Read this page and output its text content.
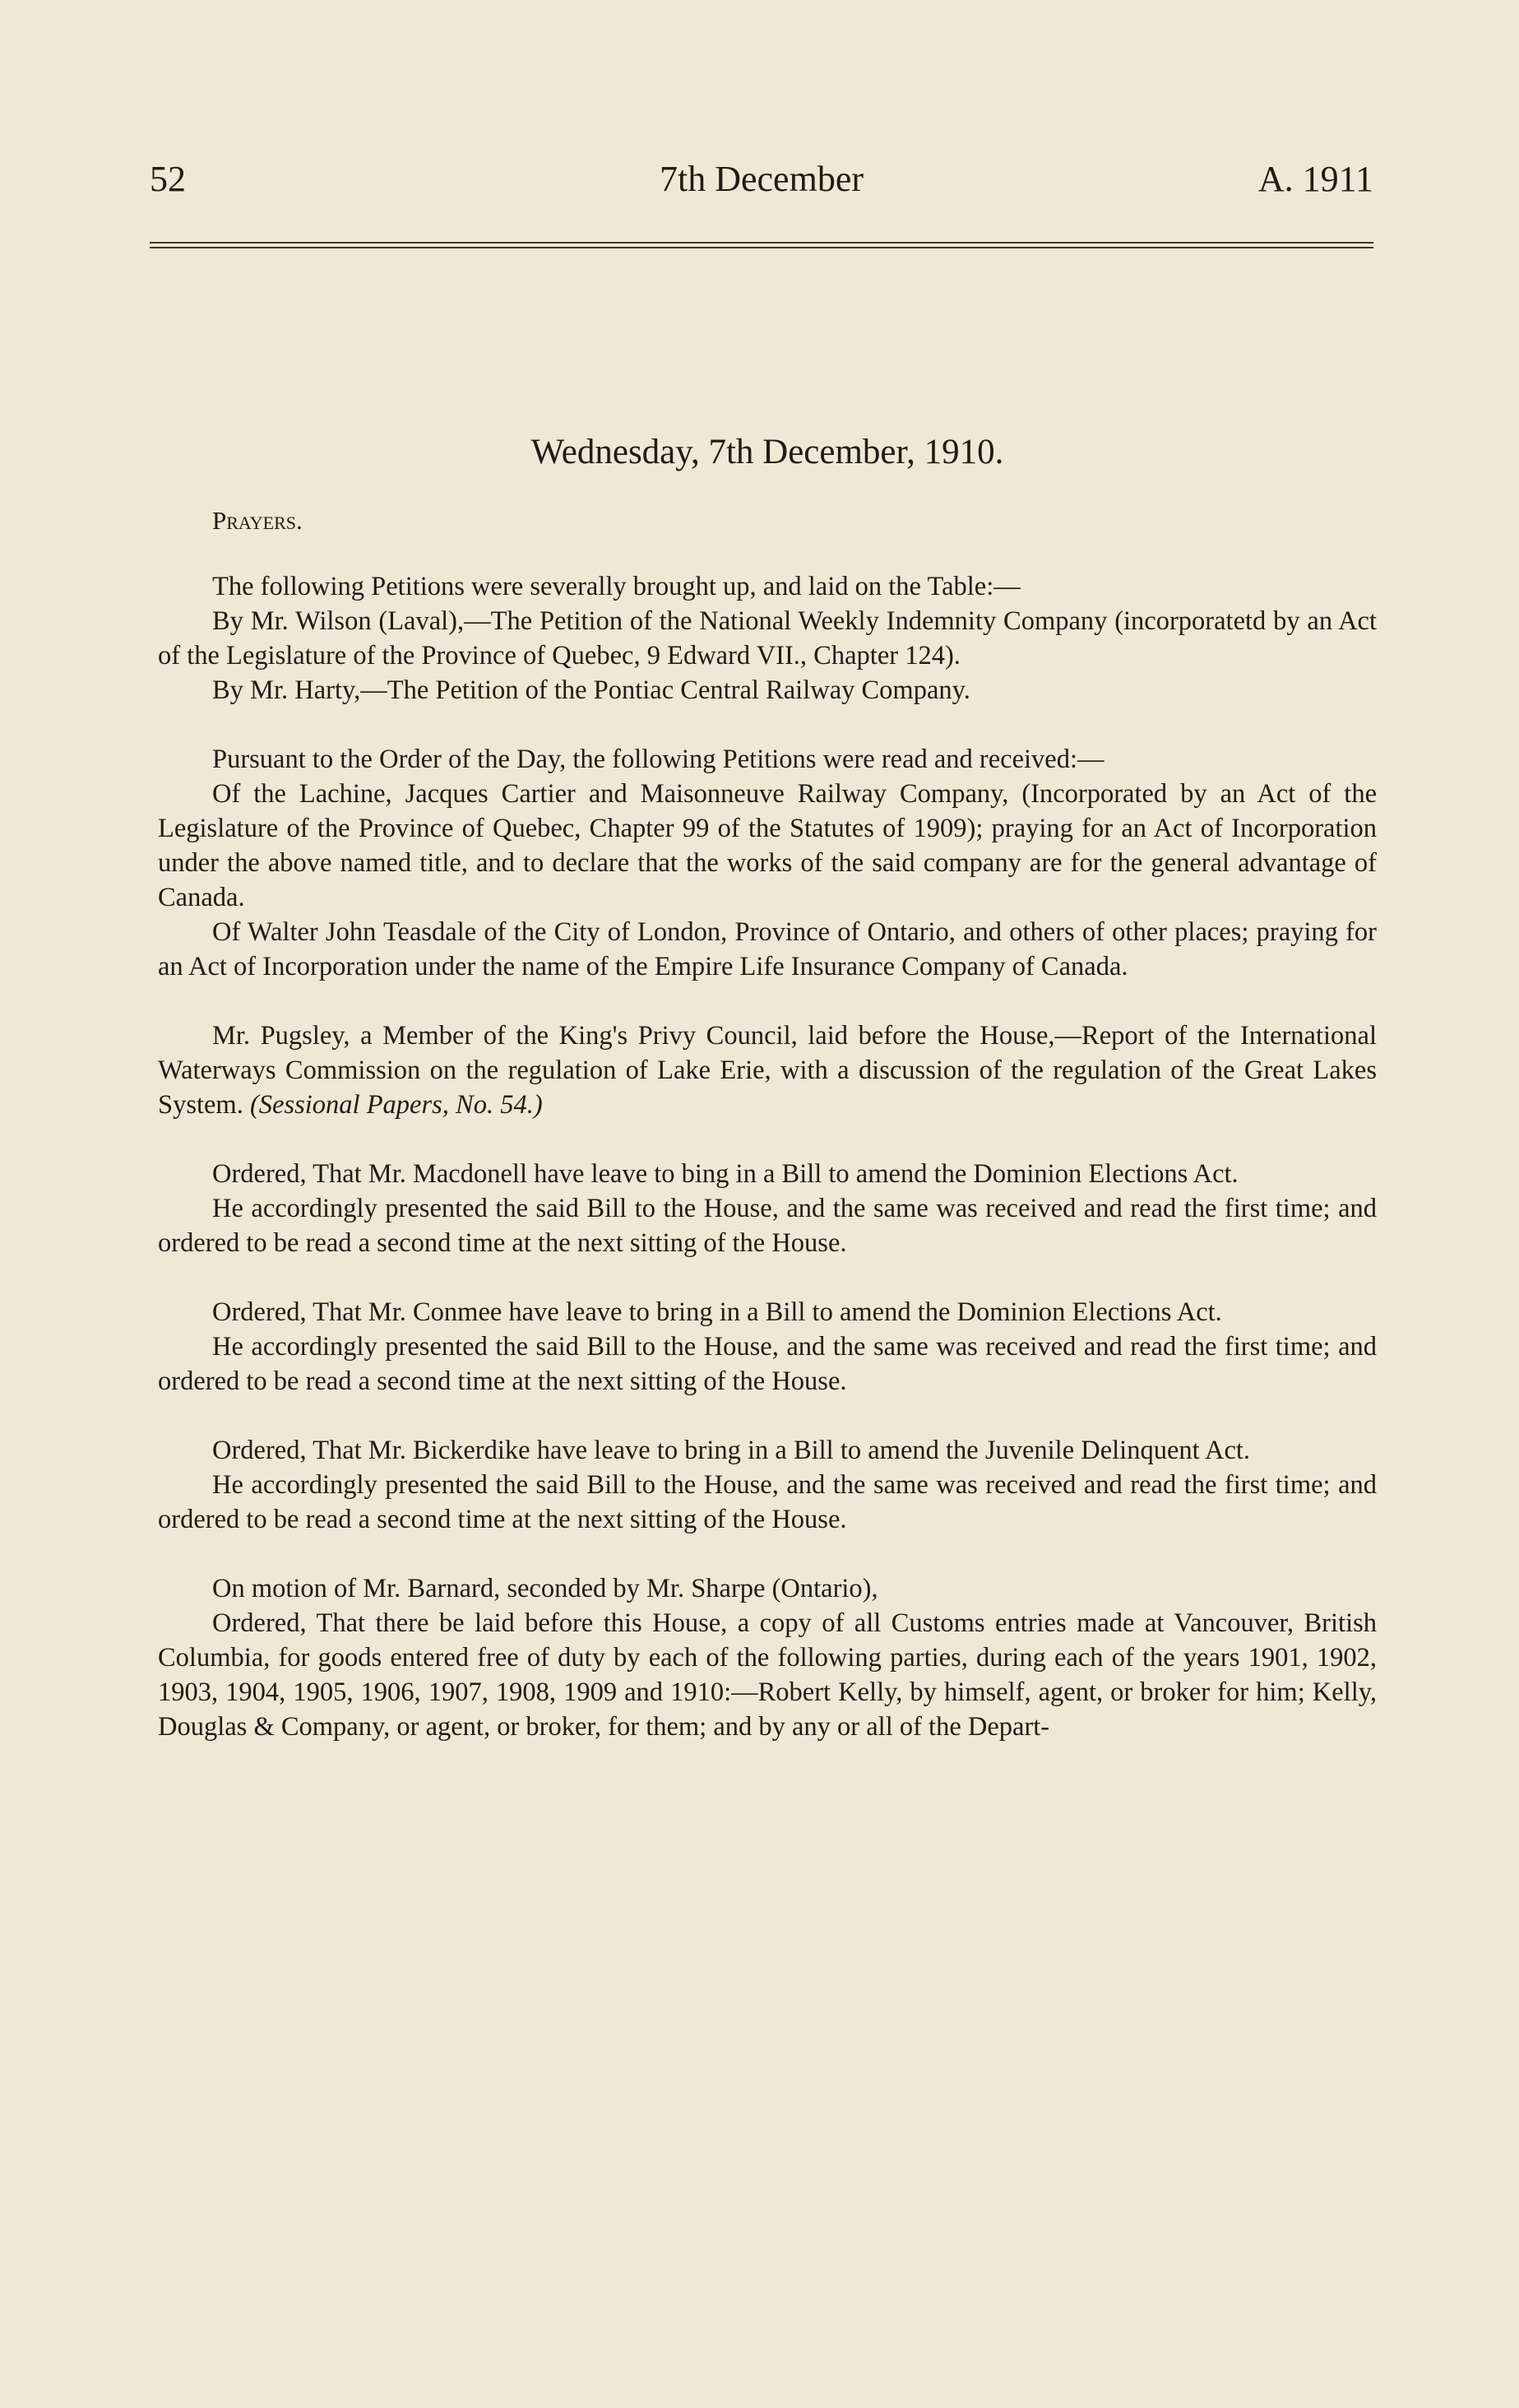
52	7th December	A. 1911

Wednesday, 7th December, 1910.

Prayers.

The following Petitions were severally brought up, and laid on the Table:—

By Mr. Wilson (Laval),—The Petition of the National Weekly Indemnity Company (incorporatetd by an Act of the Legislature of the Province of Quebec, 9 Edward VII., Chapter 124).

By Mr. Harty,—The Petition of the Pontiac Central Railway Company.

Pursuant to the Order of the Day, the following Petitions were read and received:—

Of the Lachine, Jacques Cartier and Maisonneuve Railway Company, (Incorporated by an Act of the Legislature of the Province of Quebec, Chapter 99 of the Statutes of 1909); praying for an Act of Incorporation under the above named title, and to declare that the works of the said company are for the general advantage of Canada.

Of Walter John Teasdale of the City of London, Province of Ontario, and others of other places; praying for an Act of Incorporation under the name of the Empire Life Insurance Company of Canada.

Mr. Pugsley, a Member of the King's Privy Council, laid before the House,—Report of the International Waterways Commission on the regulation of Lake Erie, with a discussion of the regulation of the Great Lakes System. (Sessional Papers, No. 54.)

Ordered, That Mr. Macdonell have leave to bing in a Bill to amend the Dominion Elections Act.

He accordingly presented the said Bill to the House, and the same was received and read the first time; and ordered to be read a second time at the next sitting of the House.

Ordered, That Mr. Conmee have leave to bring in a Bill to amend the Dominion Elections Act.

He accordingly presented the said Bill to the House, and the same was received and read the first time; and ordered to be read a second time at the next sitting of the House.

Ordered, That Mr. Bickerdike have leave to bring in a Bill to amend the Juvenile Delinquent Act.

He accordingly presented the said Bill to the House, and the same was received and read the first time; and ordered to be read a second time at the next sitting of the House.

On motion of Mr. Barnard, seconded by Mr. Sharpe (Ontario),

Ordered, That there be laid before this House, a copy of all Customs entries made at Vancouver, British Columbia, for goods entered free of duty by each of the following parties, during each of the years 1901, 1902, 1903, 1904, 1905, 1906, 1907, 1908, 1909 and 1910:—Robert Kelly, by himself, agent, or broker for him; Kelly, Douglas & Company, or agent, or broker, for them; and by any or all of the Depart-
